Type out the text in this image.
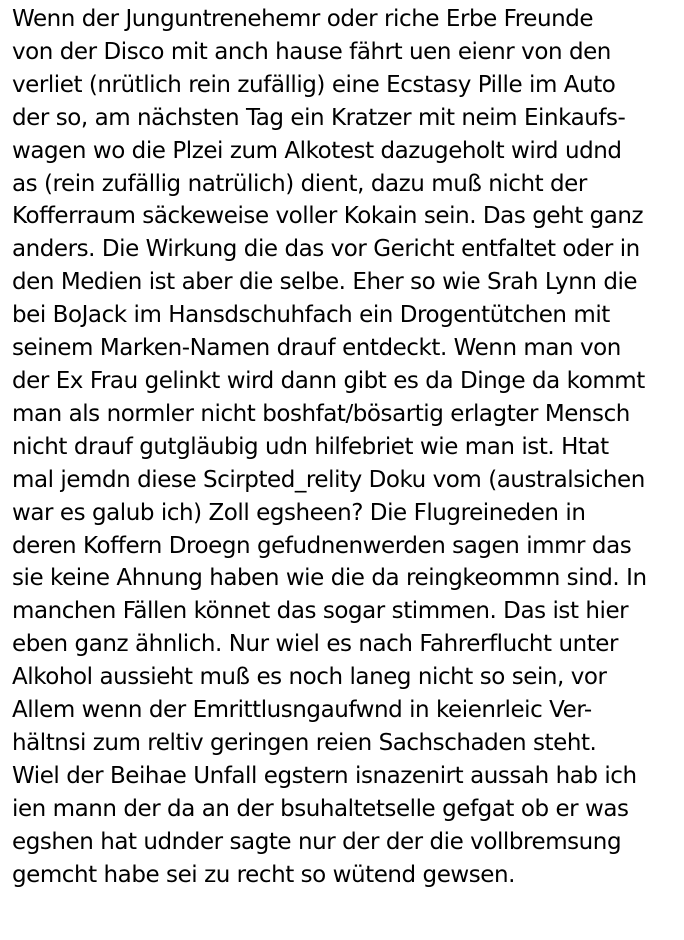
Wenn der Junguntrenehemr oder riche Erbe Freunde
von der Disco mit anch hause fährt uen eienr von den
verliet (nrütlich rein zufällig) eine Ecstasy Pille im Auto
der so, am nächsten Tag ein Kratzer mit neim Einkaufs-
wagen wo die Plzei zum Alkotest dazugeholt wird udnd
as (rein zufällig natrülich) dient, dazu muß nicht der
Kofferraum säckeweise voller Kokain sein. Das geht ganz
anders. Die Wirkung die das vor Gericht entfaltet oder in
den Medien ist aber die selbe. Eher so wie Srah Lynn die
bei BoJack im Hansdschuhfach ein Drogentütchen mit
seinem Marken-Namen drauf entdeckt. Wenn man von
der Ex Frau gelinkt wird dann gibt es da Dinge da kommt
man als normler nicht boshfat/bösartig erlagter Mensch
nicht drauf gutgläubig udn hilfebriet wie man ist. Htat
mal jemdn diese Scirpted_relity Doku vom (australsichen
war es galub ich) Zoll egsheen? Die Flugreineden in
deren Koffern Droegn gefudnenwerden sagen immr das
sie keine Ahnung haben wie die da reingkeommn sind. In
manchen Fällen könnet das sogar stimmen. Das ist hier
eben ganz ähnlich. Nur wiel es nach Fahrerflucht unter
Alkohol aussieht muß es noch laneg nicht so sein, vor
Allem wenn der Emrittlusngaufwnd in keienrleic Ver-
hältnsi zum reltiv geringen reien Sachschaden steht.
Wiel der Beihae Unfall egstern isnazenirt aussah hab ich
ien mann der da an der bsuhaltetselle gefgat ob er was
egshen hat udnder sagte nur der der die vollbremsung
gemcht habe sei zu recht so wütend gewsen.
